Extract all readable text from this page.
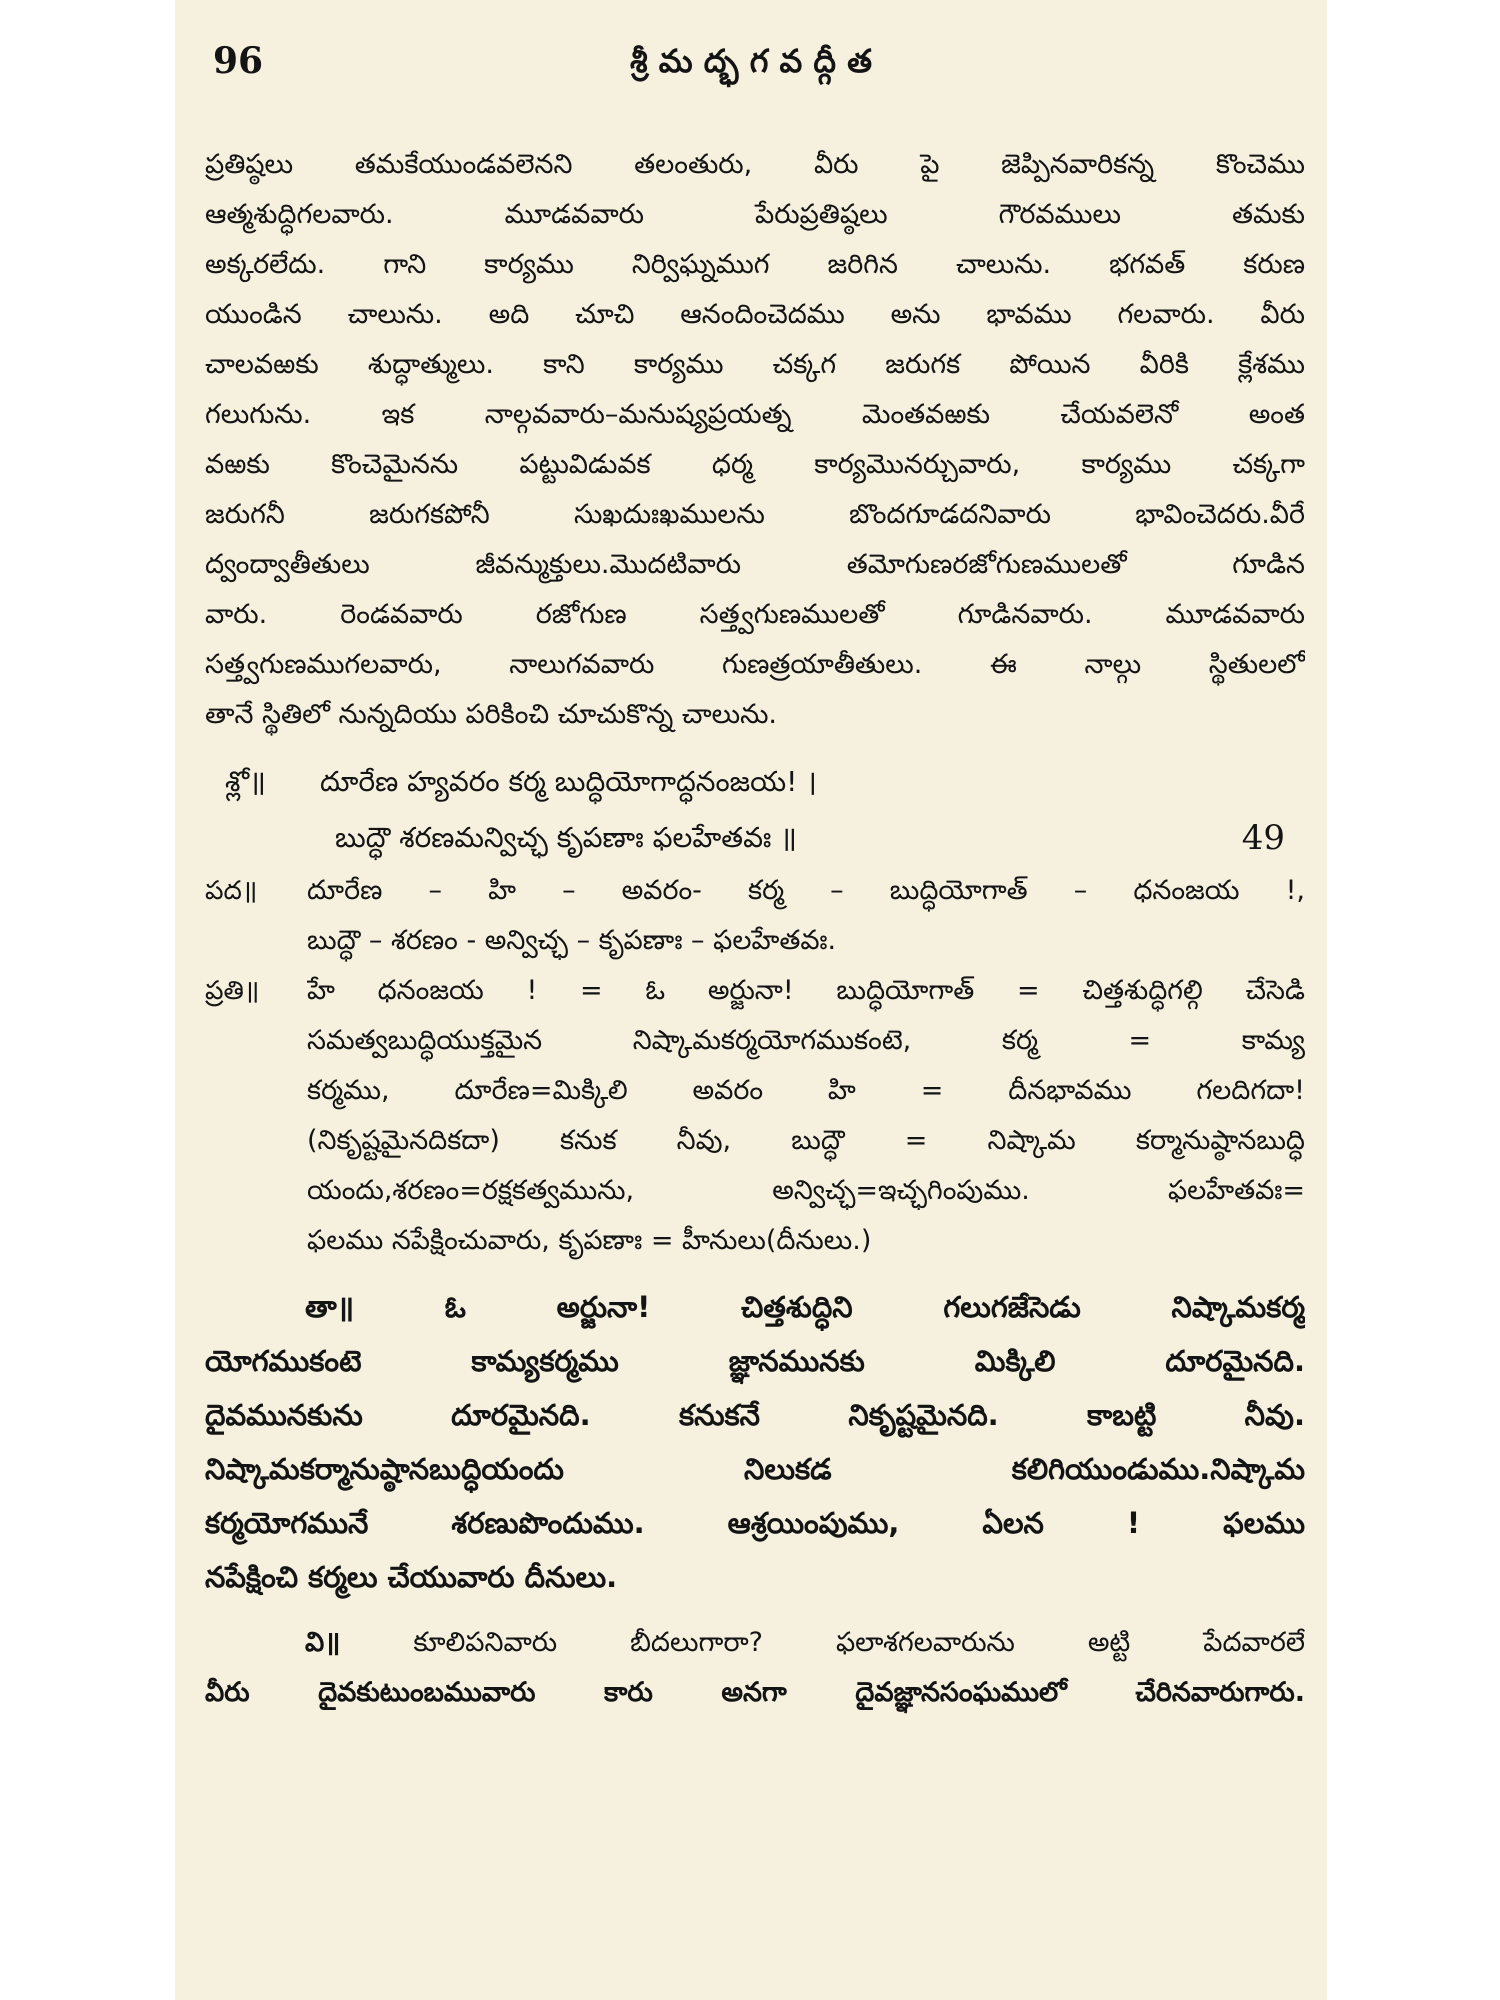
96	శ్రీ మ ద్భ గ వ ద్గీ త
ప్రతిష్ఠలు తమకేయుండవలెనని తలంతురు, వీరు పై జెప్పినవారికన్న కొంచెము
ఆత్మశుద్ధిగలవారు. మూడవవారు పేరుప్రతిష్ఠలు గౌరవములు తమకు
అక్కరలేదు. గాని కార్యము నిర్విఘ్నముగ జరిగిన చాలును. భగవత్ కరుణ
యుండిన చాలును. అది చూచి ఆనందించెదము అను భావము గలవారు. వీరు
చాలవఱకు శుద్ధాత్ములు. కాని కార్యము చక్కగ జరుగక పోయిన వీరికి క్లేశము
గలుగును. ఇక నాల్గవవారు–మనుష్యప్రయత్న మెంతవఱకు చేయవలెనో అంత
వఱకు కొంచెమైనను పట్టువిడువక ధర్మ కార్యమొనర్చువారు, కార్యము చక్కగా
జరుగనీ జరుగకపోనీ సుఖదుఃఖములను బొందగూడదనివారు భావించెదరు.వీరే
ద్వంద్వాతీతులు జీవన్ముక్తులు.మొదటివారు తమోగుణరజోగుణములతో గూడిన
వారు. రెండవవారు రజోగుణ సత్త్వగుణములతో గూడినవారు. మూడవవారు
సత్త్వగుణముగలవారు, నాలుగవవారు గుణత్రయాతీతులు. ఈ నాల్గు స్థితులలో
తానే స్థితిలో నున్నదియు పరికించి చూచుకొన్న చాలును.
శ్లో॥ దూరేణ హ్యవరం కర్మ బుద్ధియోగాద్ధనంజయ! ।
బుద్ధౌ శరణమన్విచ్ఛ కృపణాః ఫలహేతవః ॥	49
పద॥ దూరేణ – హి – అవరం- కర్మ – బుద్ధియోగాత్ – ధనంజయ !,
బుద్ధౌ – శరణం - అన్విచ్ఛ – కృపణాః – ఫలహేతవః.
ప్రతి॥ హే ధనంజయ ! = ఓ అర్జునా! బుద్ధియోగాత్ = చిత్తశుద్ధిగల్గి చేసెడి
సమత్వబుద్ధియుక్తమైన నిష్కామకర్మయోగముకంటె, కర్మ = కామ్య
కర్మము, దూరేణ=మిక్కిలి అవరం హి = దీనభావము గలదిగదా!
(నికృష్టమైనదికదా) కనుక నీవు, బుద్ధౌ = నిష్కామ కర్మానుష్ఠానబుద్ధి
యందు,శరణం=రక్షకత్వమును, అన్విచ్ఛ=ఇచ్ఛగింపుము. ఫలహేతవః=
ఫలము నపేక్షించువారు, కృపణాః = హీనులు(దీనులు.)
తా॥	ఓ అర్జునా! చిత్తశుద్ధిని గలుగజేసెడు నిష్కామకర్మ
యోగముకంటె కామ్యకర్మము జ్ఞానమునకు మిక్కిలి దూరమైనది.
దైవమునకును దూరమైనది. కనుకనే నికృష్టమైనది. కాబట్టి నీవు.
నిష్కామకర్మానుష్ఠానబుద్ధియందు నిలుకడ కలిగియుండుము.నిష్కామ
కర్మయోగమునే శరణుపొందుము. ఆశ్రయింపుము, ఏలన ! ఫలము
నపేక్షించి కర్మలు చేయువారు దీనులు.
వి॥	కూలిపనివారు బీదలుగారా? ఫలాశగలవారును అట్టి పేదవారలే
వీరు దైవకుటుంబమువారు కారు అనగా దైవజ్ఞానసంఘములో చేరినవారుగారు.
